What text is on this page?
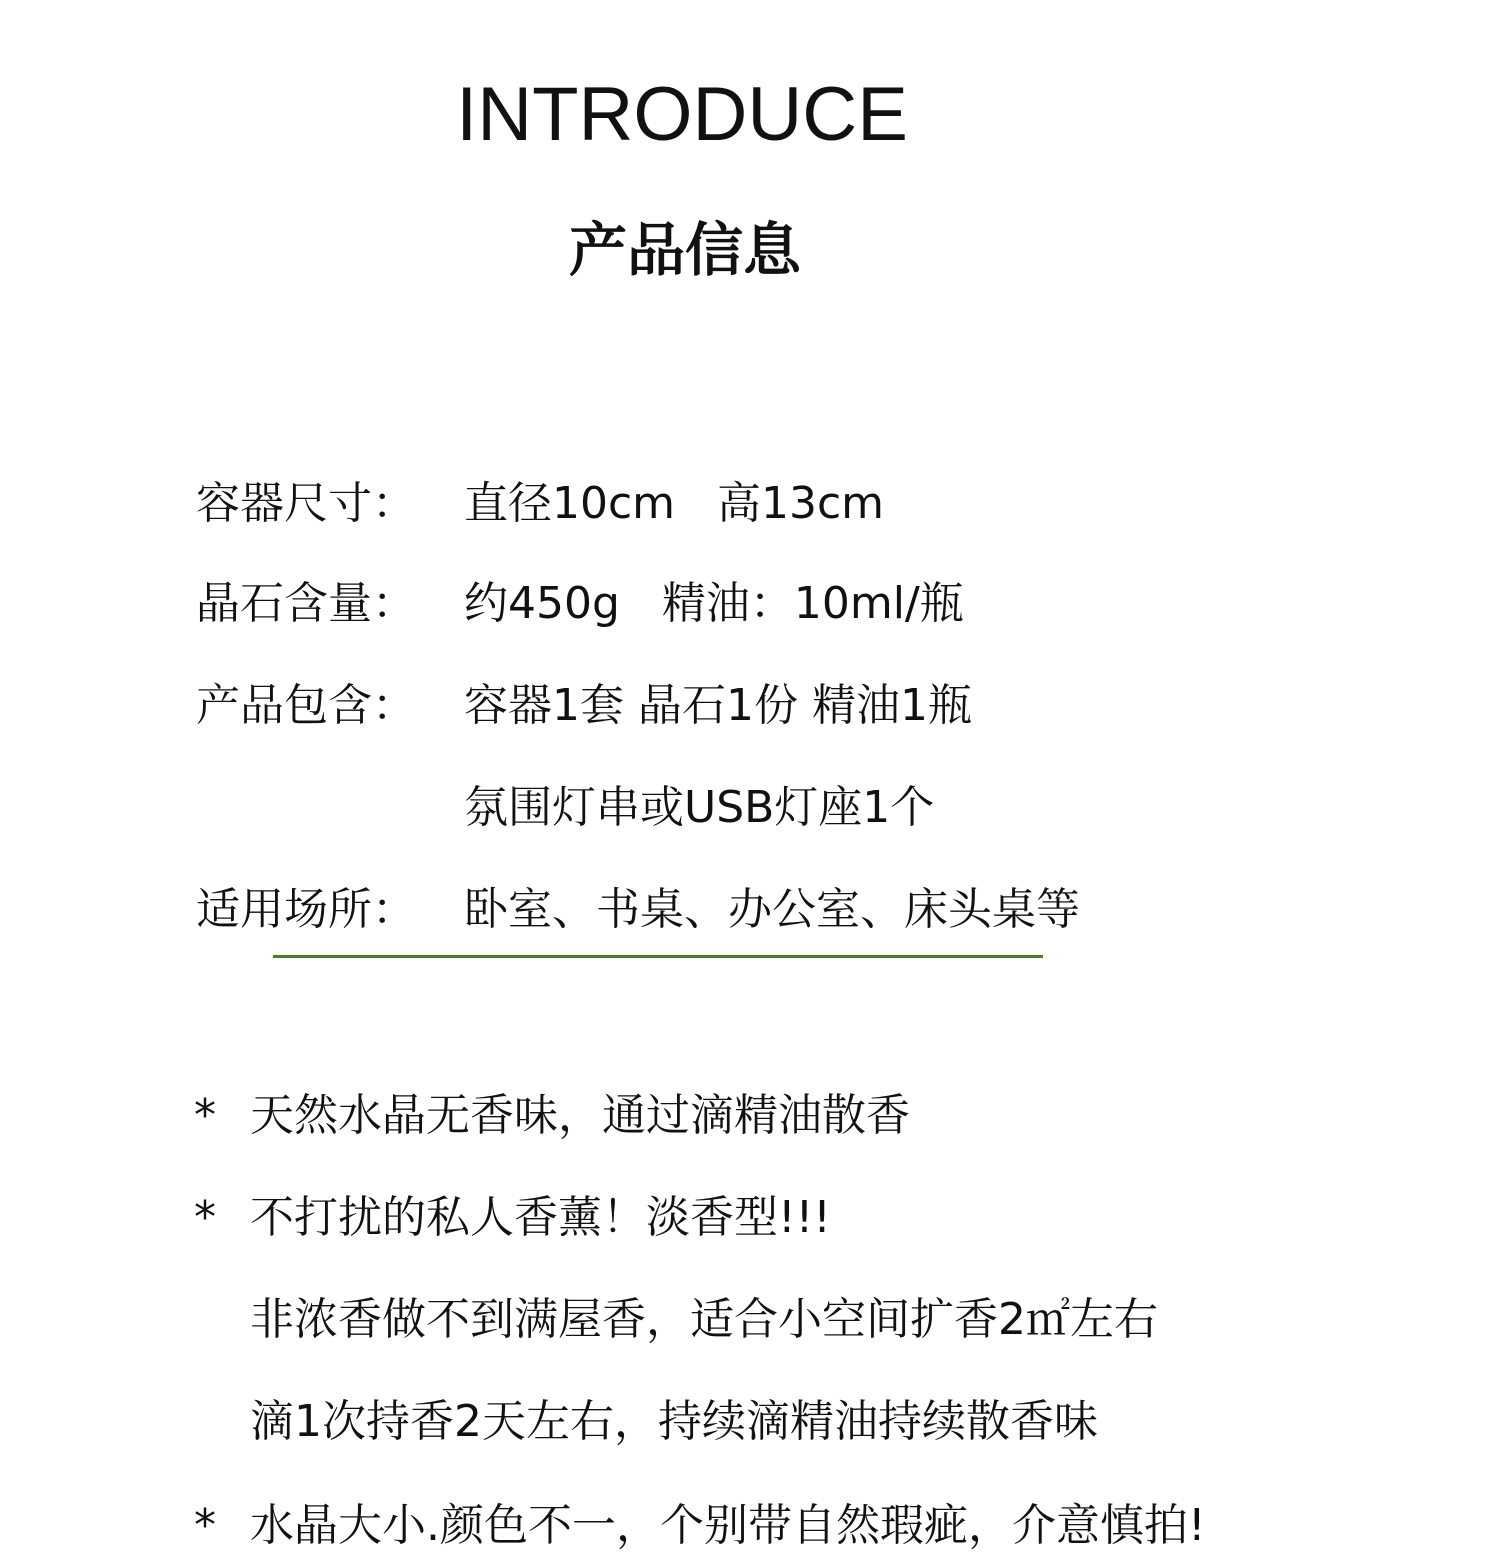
INTRODUCE
产品信息

容器尺寸： 直径10cm   高13cm

晶石含量： 约450g   精油：10ml/瓶

产品包含： 容器1套 晶石1份 精油1瓶

氛围灯串或USB灯座1个

适用场所： 卧室、书桌、办公室、床头桌等

* 天然水晶无香味，通过滴精油散香

* 不打扰的私人香薰！淡香型!!!

非浓香做不到满屋香，适合小空间扩香2㎡左右

滴1次持香2天左右，持续滴精油持续散香味

* 水晶大小.颜色不一，个别带自然瑕疵，介意慎拍!
